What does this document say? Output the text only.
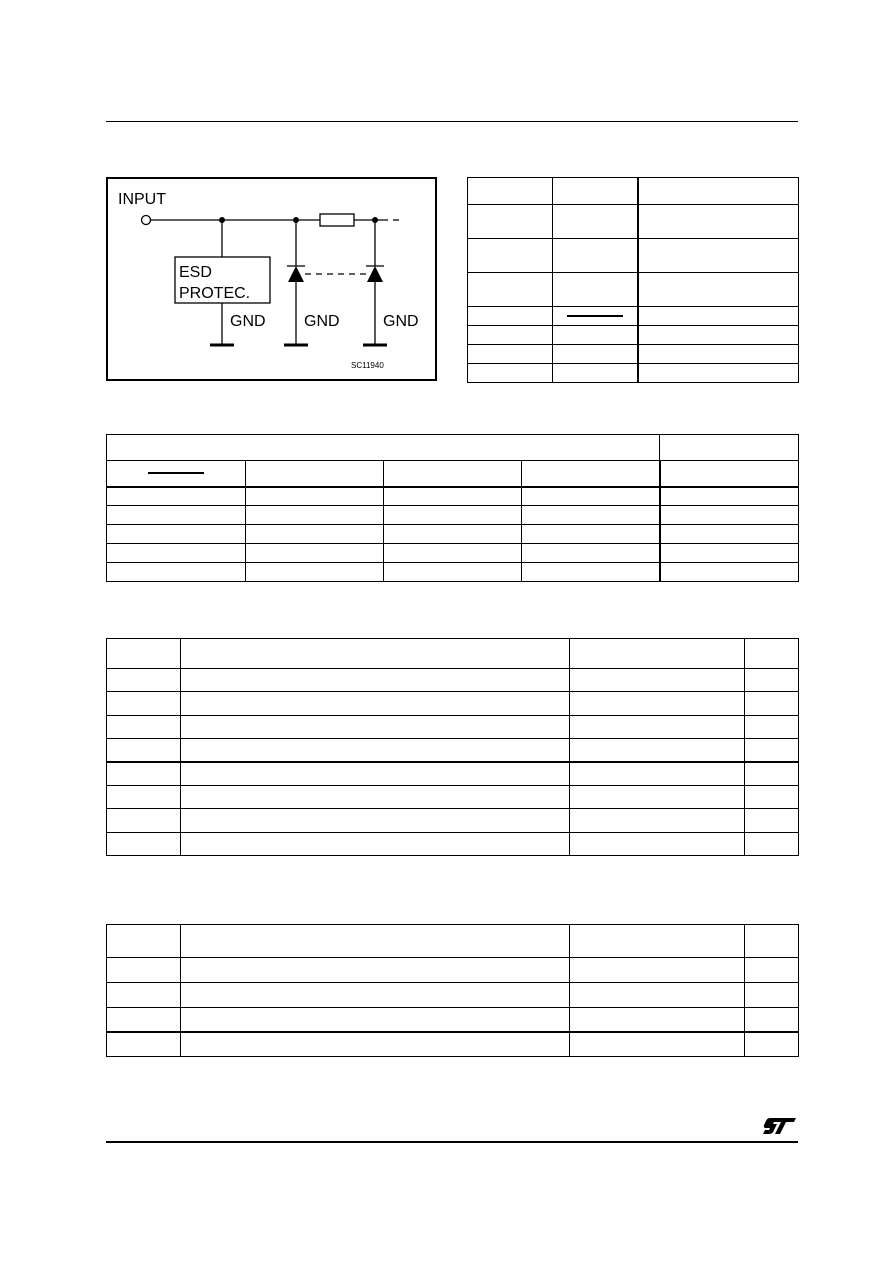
INPUT
ESD
PROTEC.
GND GND	GND
SC11940
